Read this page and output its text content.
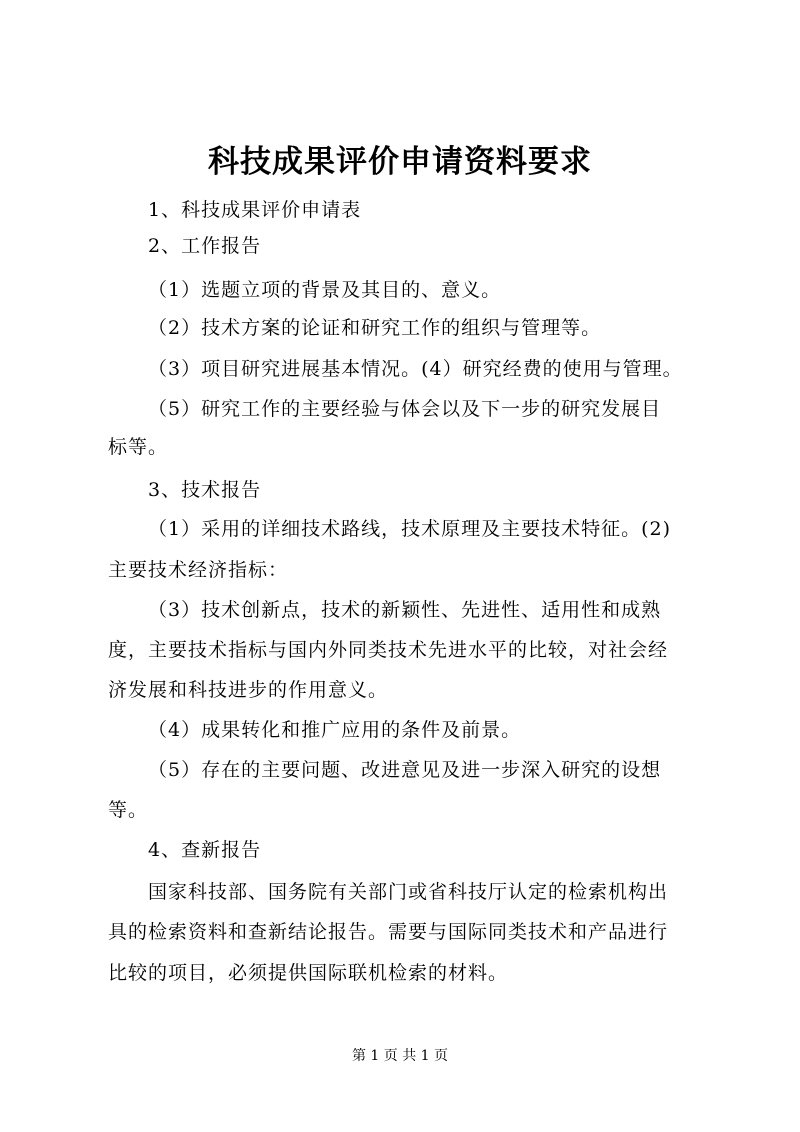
科技成果评价申请资料要求

1、科技成果评价申请表

2、工作报告

（1）选题立项的背景及其目的、意义。

（2）技术方案的论证和研究工作的组织与管理等。

（3）项目研究进展基本情况。(4）研究经费的使用与管理。

（5）研究工作的主要经验与体会以及下一步的研究发展目

标等。

3、技术报告

（1）采用的详细技术路线，技术原理及主要技术特征。(2)

主要技术经济指标：

（3）技术创新点，技术的新颖性、先进性、适用性和成熟

度，主要技术指标与国内外同类技术先进水平的比较，对社会经

济发展和科技进步的作用意义。

（4）成果转化和推广应用的条件及前景。

（5）存在的主要问题、改进意见及进一步深入研究的设想

等。

4、查新报告

国家科技部、国务院有关部门或省科技厅认定的检索机构出

具的检索资料和查新结论报告。需要与国际同类技术和产品进行

比较的项目，必须提供国际联机检索的材料。

第 1 页 共 1 页
